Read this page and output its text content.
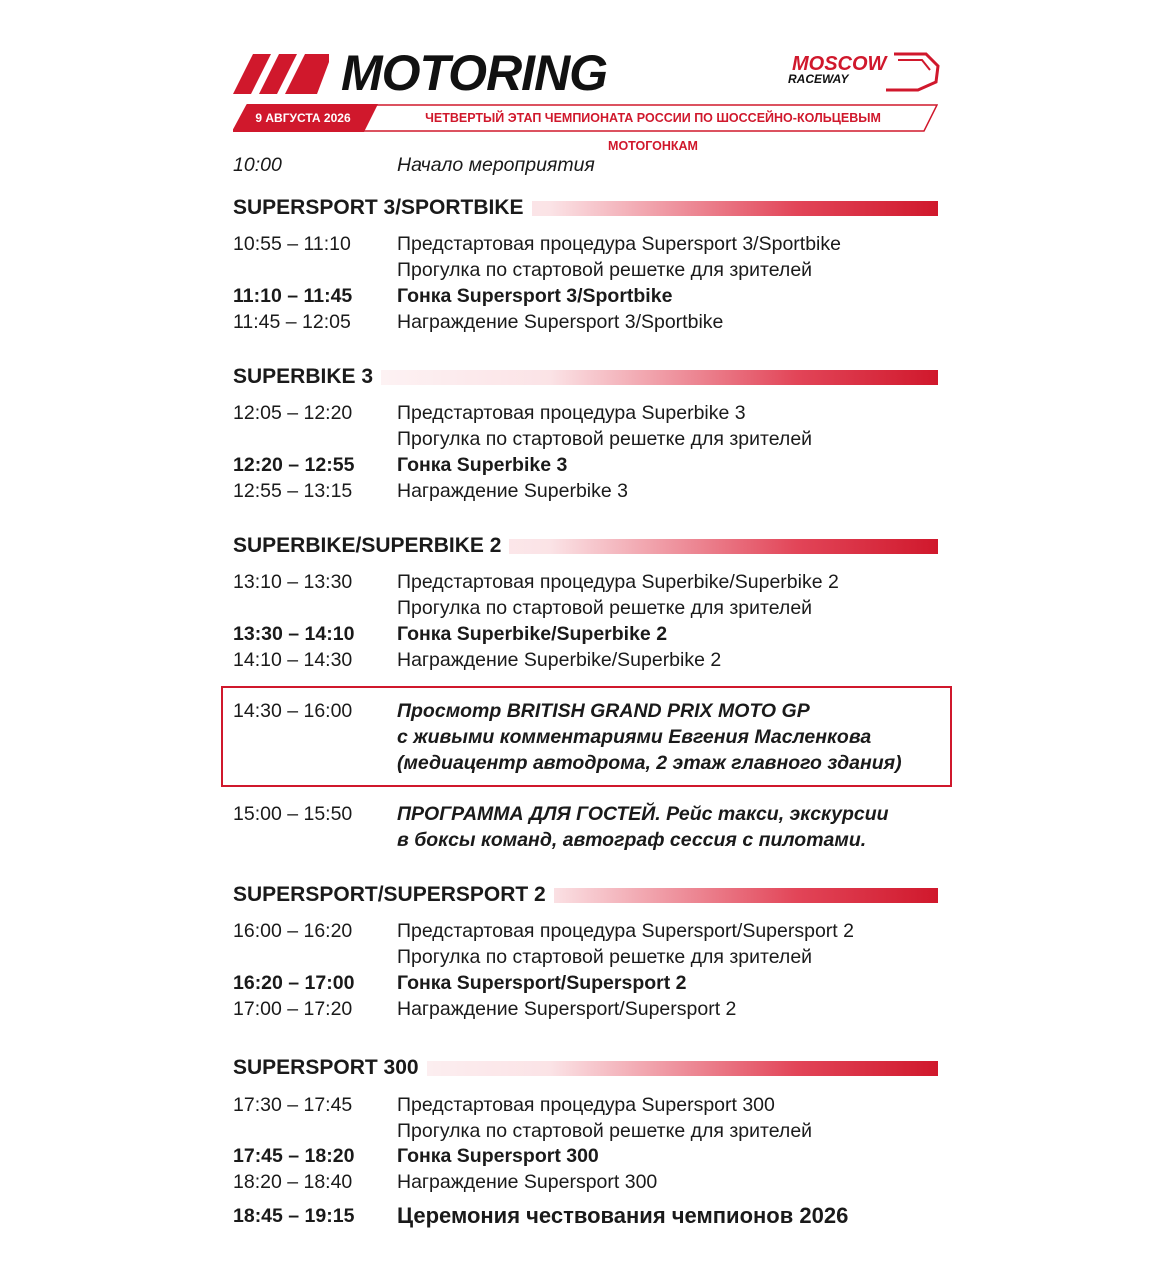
MOTORING	MOSCOW
RACEWAY
9 АВГУСТА 2026	ЧЕТВЕРТЫЙ ЭТАП ЧЕМПИОНАТА РОССИИ ПО ШОССЕЙНО-КОЛЬЦЕВЫМ МОТОГОНКАМ
10:00	Начало мероприятия
SUPERSPORT 3/SPORTBIKE
10:55 – 11:10	Предстартовая процедура Supersport 3/Sportbike
Прогулка по стартовой решетке для зрителей
11:10 – 11:45	Гонка Supersport 3/Sportbike
11:45 – 12:05	Награждение Supersport 3/Sportbike
SUPERBIKE 3
12:05 – 12:20	Предстартовая процедура Superbike 3
Прогулка по стартовой решетке для зрителей
12:20 – 12:55	Гонка Superbike 3
12:55 – 13:15	Награждение Superbike 3
SUPERBIKE/SUPERBIKE 2
13:10 – 13:30	Предстартовая процедура Superbike/Superbike 2
Прогулка по стартовой решетке для зрителей
13:30 – 14:10	Гонка Superbike/Superbike 2
14:10 – 14:30	Награждение Superbike/Superbike 2
14:30 – 16:00	Просмотр BRITISH GRAND PRIX MOTO GP
с живыми комментариями Евгения Масленкова
(медиацентр автодрома, 2 этаж главного здания)
15:00 – 15:50	ПРОГРАММА ДЛЯ ГОСТЕЙ. Рейс такси, экскурсии
в боксы команд, автограф сессия с пилотами.
SUPERSPORT/SUPERSPORT 2
16:00 – 16:20	Предстартовая процедура Supersport/Supersport 2
Прогулка по стартовой решетке для зрителей
16:20 – 17:00	Гонка Supersport/Supersport 2
17:00 – 17:20	Награждение Supersport/Supersport 2
SUPERSPORT 300
17:30 – 17:45	Предстартовая процедура Supersport 300
Прогулка по стартовой решетке для зрителей
17:45 – 18:20	Гонка Supersport 300
18:20 – 18:40	Награждение Supersport 300
18:45 – 19:15	Церемония чествования чемпионов 2026
